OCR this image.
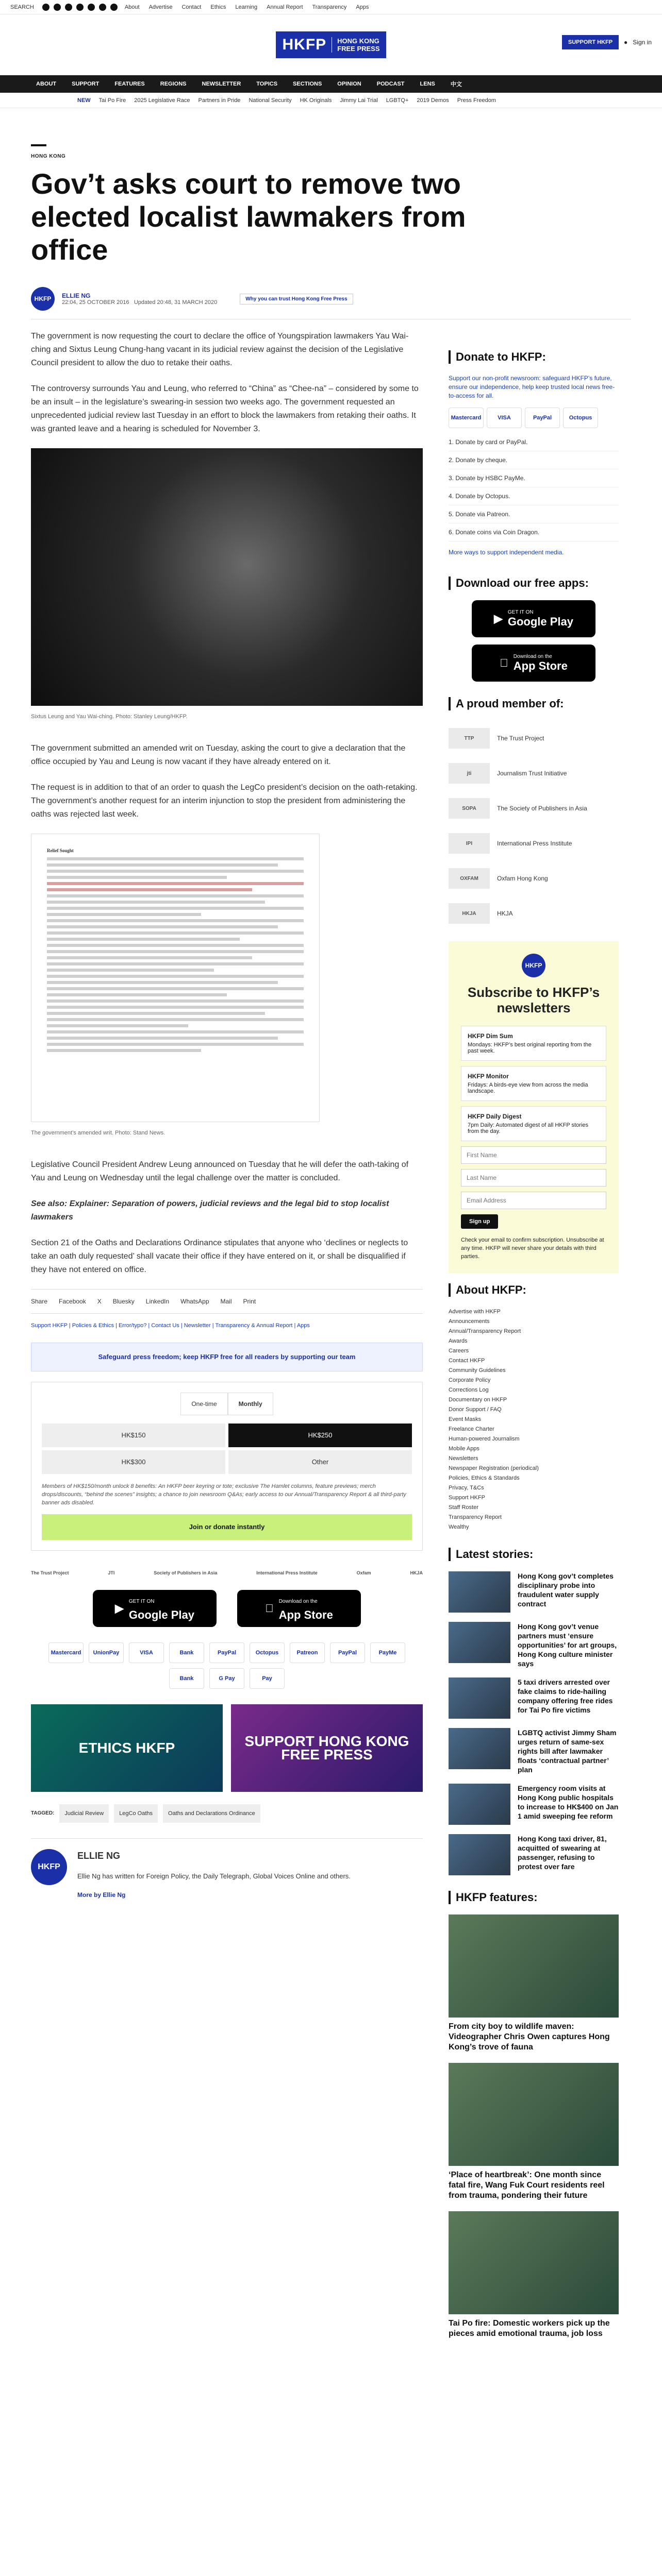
SEARCH	About Advertise Contact Ethics Learning Annual Report Transparency Apps
HKFP	HONG KONG
FREE PRESS
SUPPORT HKFP	● Sign in
ABOUT	SUPPORT	FEATURES	REGIONS	NEWSLETTER	TOPICS	SECTIONS	OPINION	PODCAST	LENS	中文
NEW Tai Po Fire 2025 Legislative Race Partners in Pride National Security HK Originals Jimmy Lai Trial LGBTQ+ 2019 Demos Press Freedom
HONG KONG
Gov’t asks court to remove two elected localist lawmakers from office
HKFP	ELLIE NG
22:04, 25 OCTOBER 2016 Updated 20:48, 31 MARCH 2020
Why you can trust Hong Kong Free Press

The government is now requesting the court to declare the office of Youngspiration lawmakers Yau Wai-ching and Sixtus Leung Chung-hang vacant in its judicial review against the decision of the Legislative Council president to allow the duo to retake their oaths.

The controversy surrounds Yau and Leung, who referred to “China” as “Chee-na” – considered by some to be an insult – in the legislature’s swearing-in session two weeks ago. The government requested an unprecedented judicial review last Tuesday in an effort to block the lawmakers from retaking their oaths. It was granted leave and a hearing is scheduled for November 3.

Sixtus Leung and Yau Wai-ching. Photo: Stanley Leung/HKFP.

The government submitted an amended writ on Tuesday, asking the court to give a declaration that the office occupied by Yau and Leung is now vacant if they have already entered on it.

The request is in addition to that of an order to quash the LegCo president’s decision on the oath-retaking. The government’s another request for an interim injunction to stop the president from administering the oaths was rejected last week.

Relief Sought
The government’s amended writ. Photo: Stand News.

Legislative Council President Andrew Leung announced on Tuesday that he will defer the oath-taking of Yau and Leung on Wednesday until the legal challenge over the matter is concluded.

See also: Explainer: Separation of powers, judicial reviews and the legal bid to stop localist lawmakers

Section 21 of the Oaths and Declarations Ordinance stipulates that anyone who ‘declines or neglects to take an oath duly requested’ shall vacate their office if they have entered on it, or shall be disqualified if they have not entered on office.

Share Facebook X Bluesky LinkedIn WhatsApp Mail Print
Support HKFP | Policies & Ethics | Error/typo? | Contact Us | Newsletter | Transparency & Annual Report | Apps
Safeguard press freedom; keep HKFP free for all readers by supporting our team
One-time	Monthly
HK$150	HK$250
HK$300	Other
Members of HK$150/month unlock 8 benefits: An HKFP beer keyring or tote; exclusive The Hamlet columns, feature previews; merch drops/discounts, “behind the scenes” insights; a chance to join newsroom Q&As; early access to our Annual/Transparency Report & all third-party banner ads disabled.
Join or donate instantly
The Trust Project	JTI	Society of Publishers in Asia	International Press Institute	Oxfam	HKJA
▶
GET IT ON
Google Play
Download on the
App Store
Mastercard	UnionPay	VISA	Bank	PayPal	Octopus	Patreon	PayPal	PayMe
Bank	G Pay	Pay
ETHICS HKFP	SUPPORT HONG KONG FREE PRESS
TAGGED:	Judicial Review	LegCo Oaths	Oaths and Declarations Ordinance
HKFP
ELLIE NG
Ellie Ng has written for Foreign Policy, the Daily Telegraph, Global Voices Online and others.
More by Ellie Ng
Donate to HKFP:

Support our non-profit newsroom: safeguard HKFP’s future, ensure our independence, help keep trusted local news free-to-access for all.

Mastercard	VISA	PayPal	Octopus
1. Donate by card or PayPal.
2. Donate by cheque.
3. Donate by HSBC PayMe.
4. Donate by Octopus.
5. Donate via Patreon.
6. Donate coins via Coin Dragon.

More ways to support independent media.

Download our free apps:
▶ GET IT ON
Google Play
Download on the
App Store
A proud member of:
TTP	The Trust Project
jti	Journalism Trust Initiative
SOPA	The Society of Publishers in Asia
IPI	International Press Institute
OXFAM	Oxfam Hong Kong
HKJA	HKJA
HKFP
Subscribe to HKFP’s newsletters
HKFP Dim Sum
Mondays: HKFP’s best original reporting from the past week.
HKFP Monitor
Fridays: A birds-eye view from across the media landscape.
HKFP Daily Digest
7pm Daily: Automated digest of all HKFP stories from the day.
First Name Last Name Email Address Sign up

Check your email to confirm subscription. Unsubscribe at any time. HKFP will never share your details with third parties.

About HKFP:
Advertise with HKFP
Announcements
Annual/Transparency Report
Awards
Careers
Contact HKFP
Community Guidelines
Corporate Policy
Corrections Log
Documentary on HKFP
Donor Support / FAQ
Event Masks
Freelance Charter
Human-powered Journalism
Mobile Apps
Newsletters
Newspaper Registration (periodical)
Policies, Ethics & Standards
Privacy, T&Cs
Support HKFP
Staff Roster
Transparency Report
Wealthy
Latest stories:
Hong Kong gov’t completes disciplinary probe into fraudulent water supply contract
Hong Kong gov’t venue partners must ‘ensure opportunities’ for art groups, Hong Kong culture minister says
5 taxi drivers arrested over fake claims to ride-hailing company offering free rides for Tai Po fire victims
LGBTQ activist Jimmy Sham urges return of same-sex rights bill after lawmaker floats ‘contractual partner’ plan
Emergency room visits at Hong Kong public hospitals to increase to HK$400 on Jan 1 amid sweeping fee reform
Hong Kong taxi driver, 81, acquitted of swearing at passenger, refusing to protest over fare
HKFP features:
From city boy to wildlife maven: Videographer Chris Owen captures Hong Kong’s trove of fauna
‘Place of heartbreak’: One month since fatal fire, Wang Fuk Court residents reel from trauma, pondering their future
Tai Po fire: Domestic workers pick up the pieces amid emotional trauma, job loss
